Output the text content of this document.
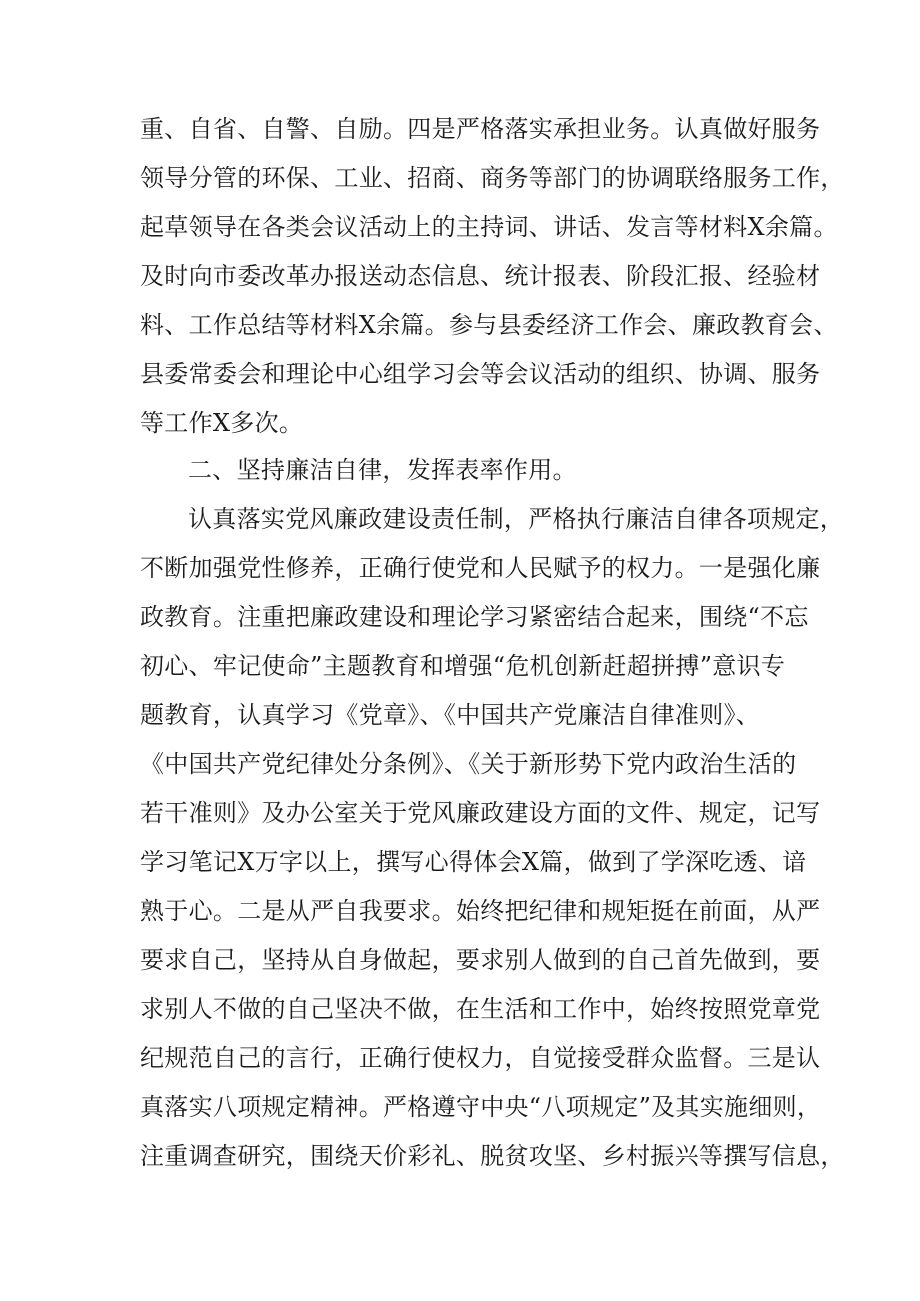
重、自省、自警、自励。四是严格落实承担业务。认真做好服务

领导分管的环保、工业、招商、商务等部门的协调联络服务工作，

起草领导在各类会议活动上的主持词、讲话、发言等材料X余篇。

及时向市委改革办报送动态信息、统计报表、阶段汇报、经验材

料、工作总结等材料X余篇。参与县委经济工作会、廉政教育会、

县委常委会和理论中心组学习会等会议活动的组织、协调、服务

等工作X多次。

二、坚持廉洁自律，发挥表率作用。

认真落实党风廉政建设责任制，严格执行廉洁自律各项规定，

不断加强党性修养，正确行使党和人民赋予的权力。一是强化廉

政教育。注重把廉政建设和理论学习紧密结合起来，围绕“不忘

初心、牢记使命”主题教育和增强“危机创新赶超拼搏”意识专

题教育，认真学习《党章》、《中国共产党廉洁自律准则》、

《中国共产党纪律处分条例》、《关于新形势下党内政治生活的

若干准则》及办公室关于党风廉政建设方面的文件、规定，记写

学习笔记X万字以上，撰写心得体会X篇，做到了学深吃透、谙

熟于心。二是从严自我要求。始终把纪律和规矩挺在前面，从严

要求自己，坚持从自身做起，要求别人做到的自己首先做到，要

求别人不做的自己坚决不做，在生活和工作中，始终按照党章党

纪规范自己的言行，正确行使权力，自觉接受群众监督。三是认

真落实八项规定精神。严格遵守中央“八项规定”及其实施细则，

注重调查研究，围绕天价彩礼、脱贫攻坚、乡村振兴等撰写信息，
